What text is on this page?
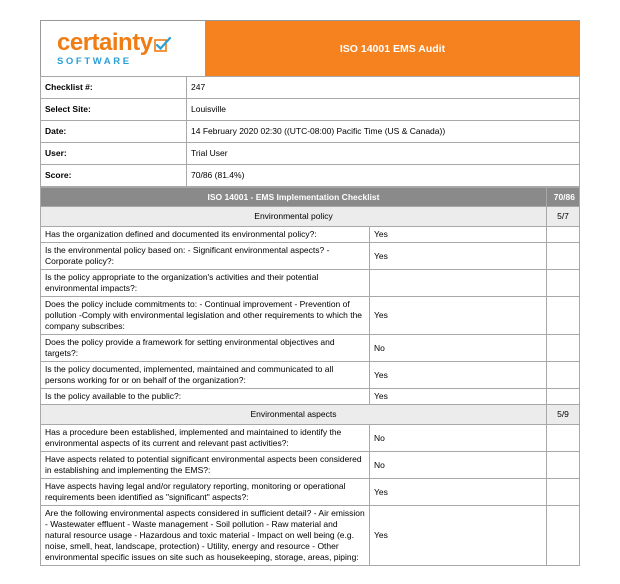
certainty
SOFTWARE
ISO 14001 EMS Audit
Checklist #:	247
Select Site:	Louisville
Date:	14 February 2020 02:30 ((UTC-08:00) Pacific Time (US & Canada))
User:	Trial User
Score:	70/86 (81.4%)
ISO 14001 - EMS Implementation Checklist		70/86
Environmental policy		5/7
Has the organization defined and documented its environmental policy?:	Yes	
Is the environmental policy based on: - Significant environmental aspects? - Corporate policy?:	Yes	
Is the policy appropriate to the organization's activities and their potential environmental impacts?:		
Does the policy include commitments to: - Continual improvement - Prevention of pollution -Comply with environmental legislation and other requirements to which the company subscribes:	Yes	
Does the policy provide a framework for setting environmental objectives and targets?:	No	
Is the policy documented, implemented, maintained and communicated to all persons working for or on behalf of the organization?:	Yes	
Is the policy available to the public?:	Yes	
Environmental aspects		5/9
Has a procedure been established, implemented and maintained to identify the environmental aspects of its current and relevant past activities?:	No	
Have aspects related to potential significant environmental aspects been considered in establishing and implementing the EMS?:	No	
Have aspects having legal and/or regulatory reporting, monitoring or operational requirements been identified as "significant" aspects?:	Yes	
Are the following environmental aspects considered in sufficient detail? - Air emission - Wastewater effluent - Waste management - Soil pollution - Raw material and natural resource usage - Hazardous and toxic material - Impact on well being (e.g. noise, smell, heat, landscape, protection) - Utility, energy and resource - Other environmental specific issues on site such as housekeeping, storage, areas, piping:	Yes	
